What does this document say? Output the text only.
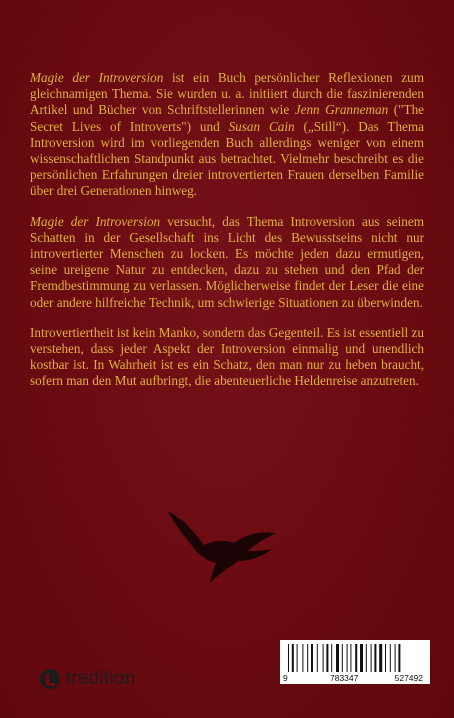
Magie der Introversion ist ein Buch persönlicher Reflexionen zum gleichnamigen Thema. Sie wurden u. a. initiiert durch die faszinierenden Artikel und Bücher von Schriftstellerinnen wie Jenn Granneman ("The Secret Lives of Introverts") und Susan Cain („Still“). Das Thema Introversion wird im vorliegenden Buch allerdings weniger von einem wissenschaftlichen Standpunkt aus betrachtet. Vielmehr beschreibt es die persönlichen Erfahrungen dreier introvertierten Frauen derselben Familie über drei Generationen hinweg.

Magie der Introversion versucht, das Thema Introversion aus seinem Schatten in der Gesellschaft ins Licht des Bewusstseins nicht nur introvertierter Menschen zu locken. Es möchte jeden dazu ermutigen, seine ureigene Natur zu entdecken, dazu zu stehen und den Pfad der Fremdbestimmung zu verlassen. Möglicherweise findet der Leser die eine oder andere hilfreiche Technik, um schwierige Situationen zu überwinden.

Introvertiertheit ist kein Manko, sondern das Gegenteil. Es ist essentiell zu verstehen, dass jeder Aspekt der Introversion einmalig und unendlich kostbar ist. In Wahrheit ist es ein Schatz, den man nur zu heben braucht, sofern man den Mut aufbringt, die abenteuerliche Heldenreise anzutreten.

tredition	9	783347	527492
